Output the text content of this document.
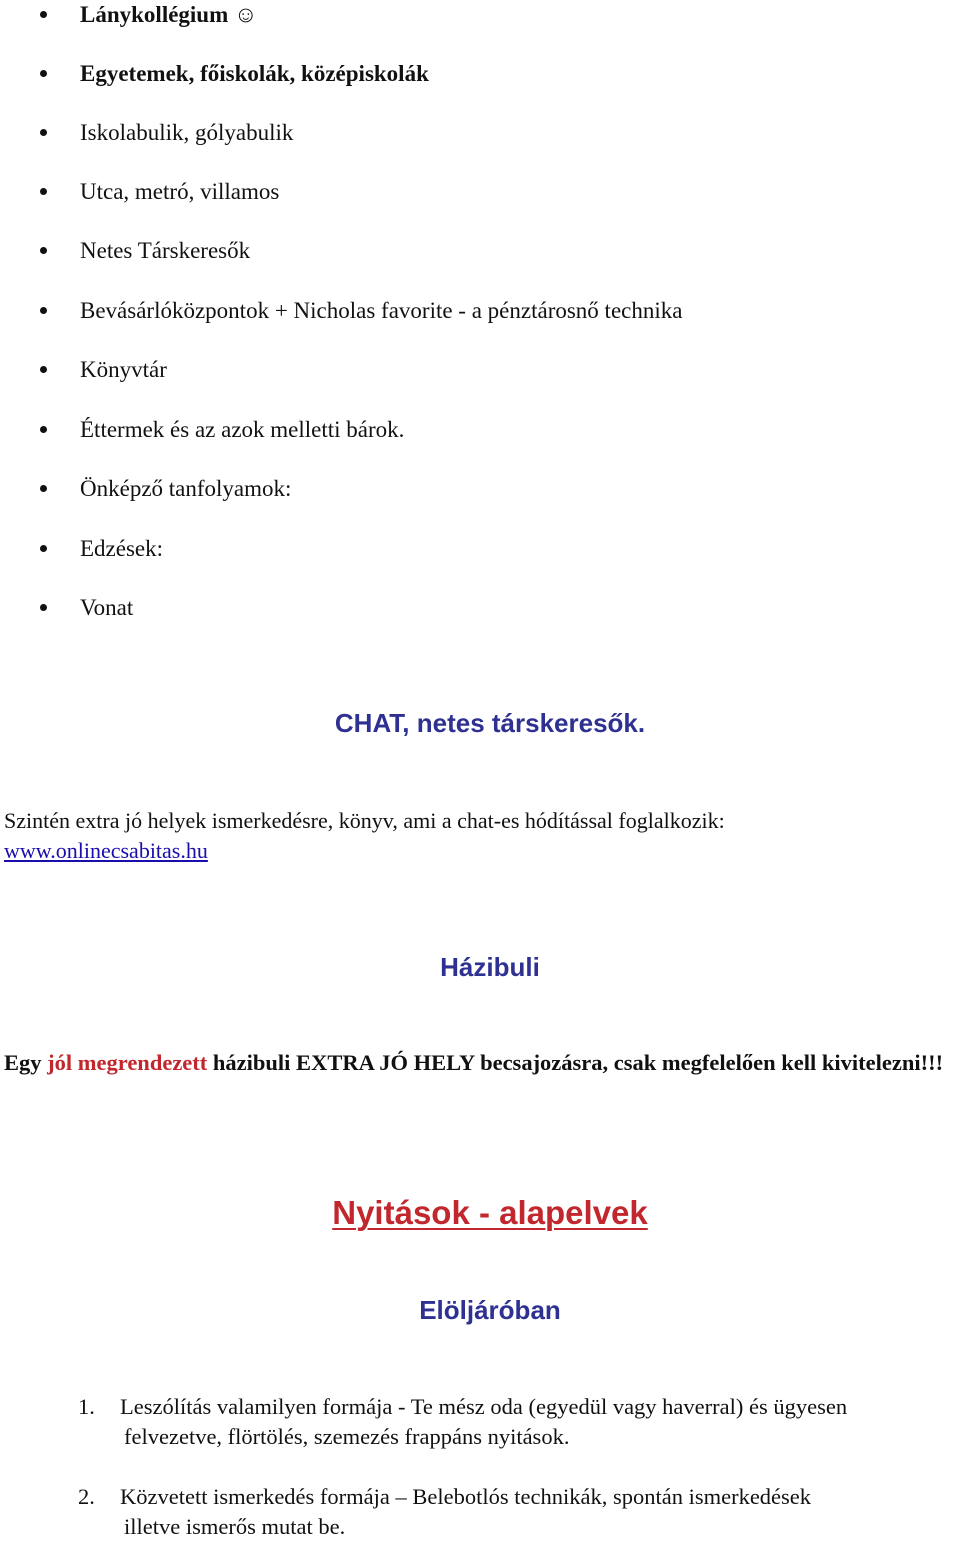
Lánykollégium ☺
Egyetemek, főiskolák, középiskolák
Iskolabulik, gólyabulik
Utca, metró, villamos
Netes Társkeresők
Bevásárlóközpontok + Nicholas favorite - a pénztárosnő technika
Könyvtár
Éttermek és az azok melletti bárok.
Önképző tanfolyamok:
Edzések:
Vonat
CHAT, netes társkeresők.
Szintén extra jó helyek ismerkedésre, könyv, ami a chat-es hódítással foglalkozik:
www.onlinecsabitas.hu
Házibuli
Egy jól megrendezett házibuli EXTRA JÓ HELY becsajozásra, csak megfelelően kell kivitelezni!!!
Nyitások - alapelvek
Elöljáróban
1. Leszólítás valamilyen formája - Te mész oda (egyedül vagy haverral) és ügyesen
felvezetve, flörtölés, szemezés frappáns nyitások.
2. Közvetett ismerkedés formája – Belebotlós technikák, spontán ismerkedések
illetve ismerős mutat be.
